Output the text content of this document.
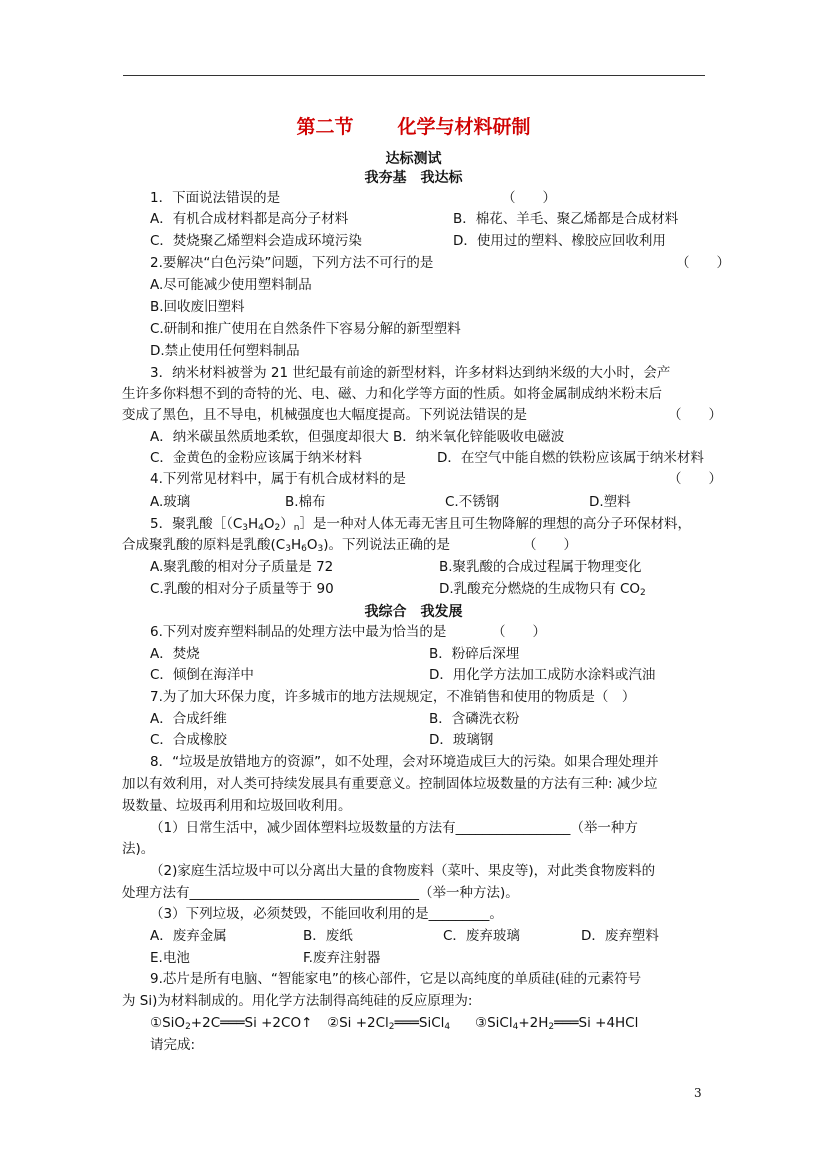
第二节 化学与材料研制
达标测试
我夯基　我达标
1．下面说法错误的是	（　　）
A．有机合成材料都是高分子材料	B．棉花、羊毛、聚乙烯都是合成材料
C．焚烧聚乙烯塑料会造成环境污染	D．使用过的塑料、橡胶应回收利用
2.要解决“白色污染”问题，下列方法不可行的是	（　　）
A.尽可能减少使用塑料制品
B.回收废旧塑料
C.研制和推广使用在自然条件下容易分解的新型塑料
D.禁止使用任何塑料制品
3．纳米材料被誉为 21 世纪最有前途的新型材料，许多材料达到纳米级的大小时，会产
生许多你料想不到的奇特的光、电、磁、力和化学等方面的性质。如将金属制成纳米粉末后
变成了黑色，且不导电，机械强度也大幅度提高。下列说法错误的是	（　　）
A．纳米碳虽然质地柔软，但强度却很大 B．纳米氧化锌能吸收电磁波
C．金黄色的金粉应该属于纳米材料	D．在空气中能自燃的铁粉应该属于纳米材料
4.下列常见材料中，属于有机合成材料的是	（　　）
A.玻璃	B.棉布	C.不锈钢	D.塑料
5．聚乳酸$[(C_3H_4O_2)_n]$是一种对人体无毒无害且可生物降解的理想的高分子环保材料，
合成聚乳酸的原料是乳酸$(C_3H_6O_3)$。下列说法正确的是	（　　）
A.聚乳酸的相对分子质量是 72	B.聚乳酸的合成过程属于物理变化
C.乳酸的相对分子质量等于 90	D.乳酸充分燃烧的生成物只有 $CO_2$
我综合　我发展
6.下列对废弃塑料制品的处理方法中最为恰当的是	（　　）
A．焚烧	B．粉碎后深埋
C．倾倒在海洋中	D．用化学方法加工成防水涂料或汽油
7.为了加大环保力度，许多城市的地方法规规定，不准销售和使用的物质是（　）
A．合成纤维	B．含磷洗衣粉
C．合成橡胶	D．玻璃钢
8．“垃圾是放错地方的资源”，如不处理，会对环境造成巨大的污染。如果合理处理并
加以有效利用，对人类可持续发展具有重要意义。控制固体垃圾数量的方法有三种: 减少垃
圾数量、垃圾再利用和垃圾回收利用。
（1）日常生活中，减少固体塑料垃圾数量的方法有_________________（举一种方
法)。
（2)家庭生活垃圾中可以分离出大量的食物废料（菜叶、果皮等)，对此类食物废料的
处理方法有__________________________________（举一种方法)。
（3）下列垃圾，必须焚毁，不能回收利用的是_________。
A．废弃金属	B．废纸	C．废弃玻璃	D．废弃塑料
E.电池	F.废弃注射器
9.芯片是所有电脑、“智能家电”的核心部件，它是以高纯度的单质硅(硅的元素符号
为 Si)为材料制成的。用化学方法制得高纯硅的反应原理为:
①SiO$_2$+2C═══Si +2CO↑ ②Si $+2Cl_2═══SiCl_4$ $③SiCl_4+2H_2═══Si +4HCl$
请完成:
3
